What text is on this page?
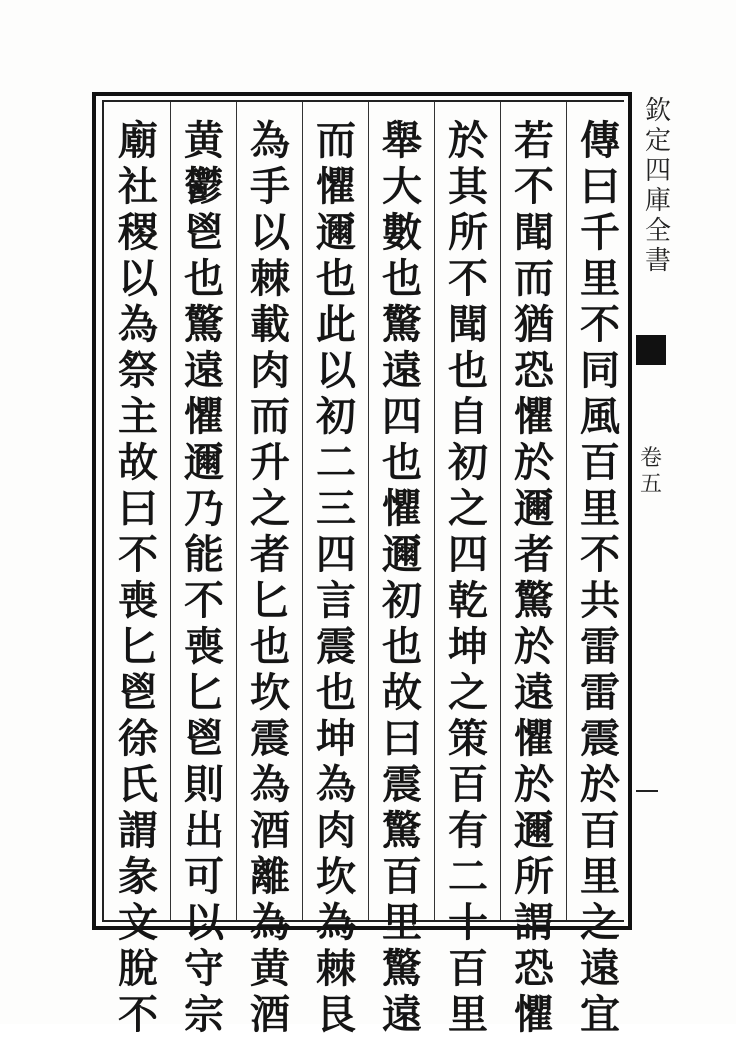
傳
曰
千
里
不
同
風
百
里
不
共
雷
雷
震
於
百
里
之
遠
宜
若
不
聞
而
猶
恐
懼
於
邇
者
驚
於
遠
懼
於
邇
所
謂
恐
懼
於
其
所
不
聞
也
自
初
之
四
乾
坤
之
策
百
有
二
十
百
里
舉
大
數
也
驚
遠
四
也
懼
邇
初
也
故
曰
震
驚
百
里
驚
遠
而
懼
邇
也
此
以
初
二
三
四
言
震
也
坤
為
肉
坎
為
棘
艮
為
手
以
棘
載
肉
而
升
之
者
匕
也
坎
震
為
酒
離
為
黄
酒
黄
鬱
鬯
也
驚
遠
懼
邇
乃
能
不
喪
匕
鬯
則
出
可
以
守
宗
廟
社
稷
以
為
祭
主
故
曰
不
喪
匕
鬯
徐
氏
謂
彖
文
脫
不
欽
定
四
庫
全
書
卷
五
